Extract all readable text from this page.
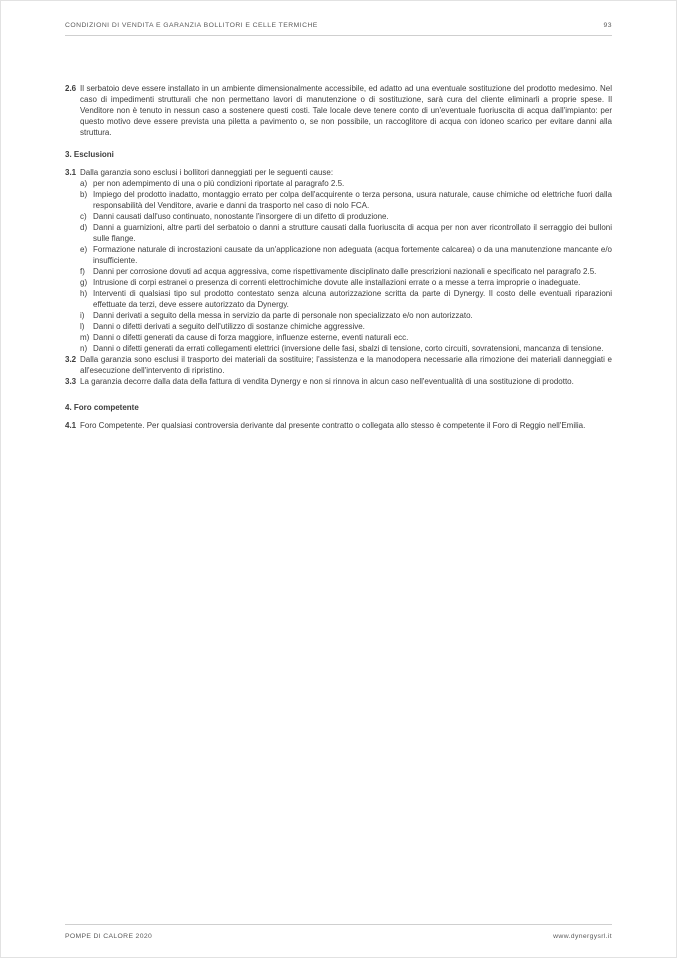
CONDIZIONI DI VENDITA E GARANZIA BOLLITORI E CELLE TERMICHE	93
2.6 Il serbatoio deve essere installato in un ambiente dimensionalmente accessibile, ed adatto ad una eventuale sostituzione del prodotto medesimo. Nel caso di impedimenti strutturali che non permettano lavori di manutenzione o di sostituzione, sarà cura del cliente eliminarli a proprie spese. Il Venditore non è tenuto in nessun caso a sostenere questi costi. Tale locale deve tenere conto di un'eventuale fuoriuscita di acqua dall'impianto: per questo motivo deve essere prevista una piletta a pavimento o, se non possibile, un raccoglitore di acqua con idoneo scarico per evitare danni alla struttura.
3. Esclusioni
3.1 Dalla garanzia sono esclusi i bollitori danneggiati per le seguenti cause:
a) per non adempimento di una o più condizioni riportate al paragrafo 2.5.
b) Impiego del prodotto inadatto, montaggio errato per colpa dell'acquirente o terza persona, usura naturale, cause chimiche od elettriche fuori dalla responsabilità del Venditore, avarie e danni da trasporto nel caso di nolo FCA.
c) Danni causati dall'uso continuato, nonostante l'insorgere di un difetto di produzione.
d) Danni a guarnizioni, altre parti del serbatoio o danni a strutture causati dalla fuoriuscita di acqua per non aver ricontrollato il serraggio dei bulloni sulle flange.
e) Formazione naturale di incrostazioni causate da un'applicazione non adeguata (acqua fortemente calcarea) o da una manutenzione mancante e/o insufficiente.
f)	Danni per corrosione dovuti ad acqua aggressiva, come rispettivamente disciplinato dalle prescrizioni nazionali e specificato nel paragrafo 2.5.
g) Intrusione di corpi estranei o presenza di correnti elettrochimiche dovute alle installazioni errate o a messe a terra improprie o inadeguate.
h) Interventi di qualsiasi tipo sul prodotto contestato senza alcuna autorizzazione scritta da parte di Dynergy. Il costo delle eventuali riparazioni effettuate da terzi, deve essere autorizzato da Dynergy.
i)	Danni derivati a seguito della messa in servizio da parte di personale non specializzato e/o non autorizzato.
l)	Danni o difetti derivati a seguito dell'utilizzo di sostanze chimiche aggressive.
m) Danni o difetti generati da cause di forza maggiore, influenze esterne, eventi naturali ecc.
n) Danni o difetti generati da errati collegamenti elettrici (inversione delle fasi, sbalzi di tensione, corto circuiti, sovratensioni, mancanza di tensione.
3.2 Dalla garanzia sono esclusi il trasporto dei materiali da sostituire; l'assistenza e la manodopera necessarie alla rimozione dei materiali danneggiati e all'esecuzione dell'intervento di ripristino.
3.3 La garanzia decorre dalla data della fattura di vendita Dynergy e non si rinnova in alcun caso nell'eventualità di una sostituzione di prodotto.
4. Foro competente
4.1 Foro Competente. Per qualsiasi controversia derivante dal presente contratto o collegata allo stesso è competente il Foro di Reggio nell'Emilia.
POMPE DI CALORE 2020	www.dynergysrl.it
